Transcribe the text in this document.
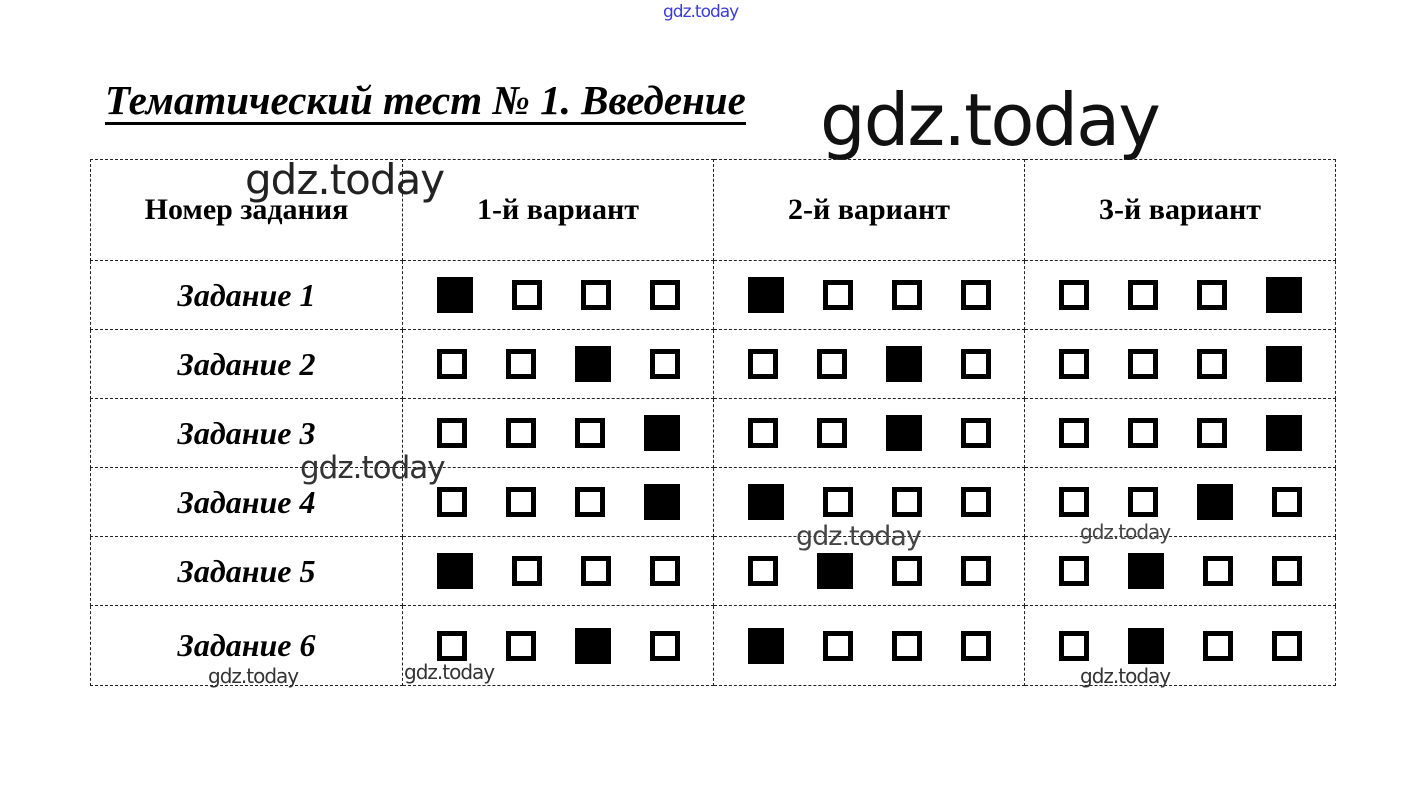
gdz.today
Тематический тест № 1. Введение gdz.today
Номер задания	1-й вариант	2-й вариант	3-й вариант
Задание 1	

Задание 2	

Задание 3	

Задание 4	

Задание 5	

Задание 6	

gdz.today
gdz.today
gdz.today	gdz.today
gdz.today	gdz.today	gdz.today
